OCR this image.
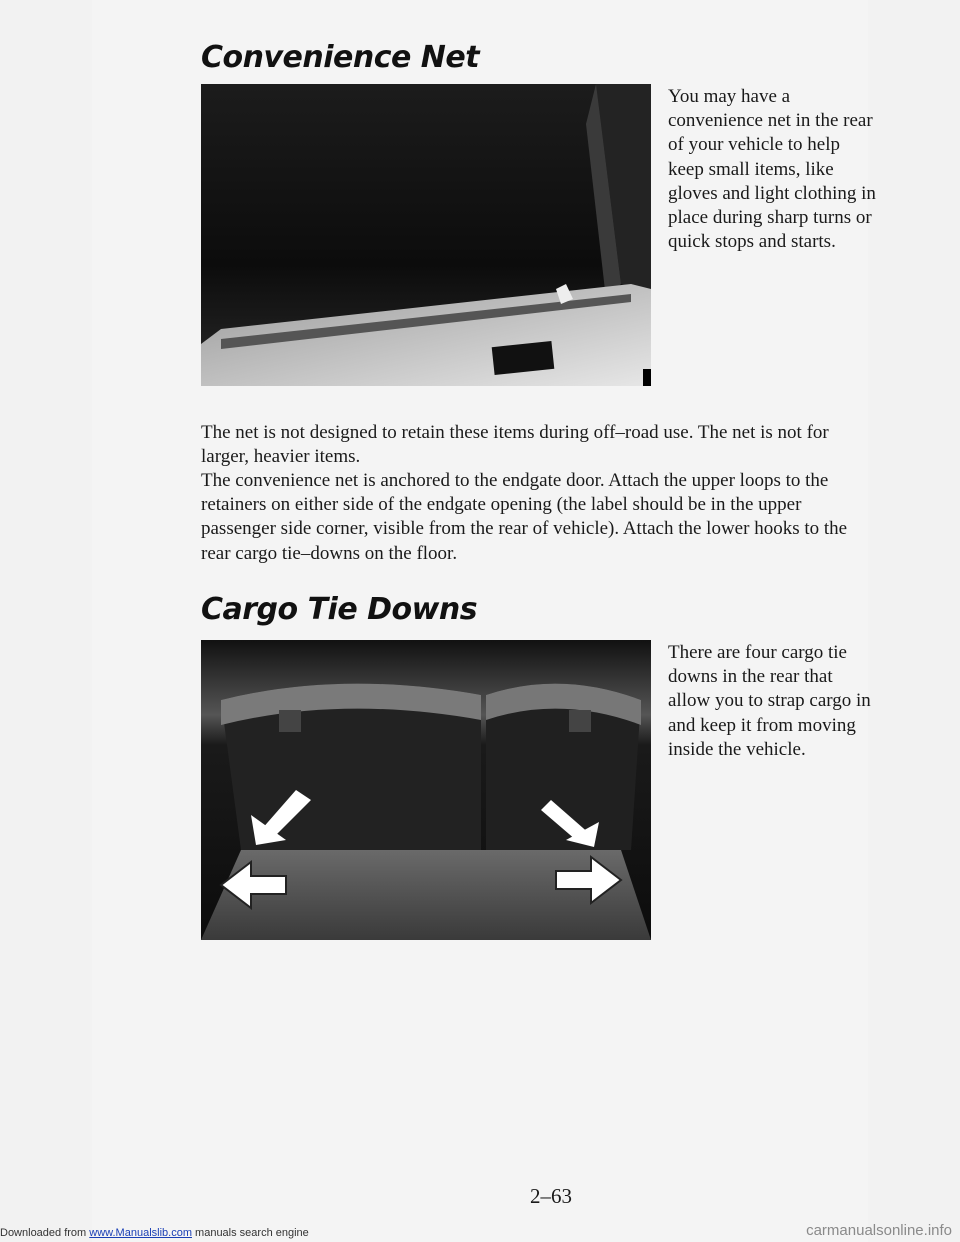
Convenience Net
You may have a convenience net in the rear of your vehicle to help keep small items, like gloves and light clothing in place during sharp turns or quick stops and starts.

The net is not designed to retain these items during off–road use. The net is not for larger, heavier items.

The convenience net is anchored to the endgate door. Attach the upper loops to the retainers on either side of the endgate opening (the label should be in the upper passenger side corner, visible from the rear of vehicle). Attach the lower hooks to the rear cargo tie–downs on the floor.

Cargo Tie Downs
There are four cargo tie downs in the rear that allow you to strap cargo in and keep it from moving inside the vehicle.
2–63
Downloaded from www.Manualslib.com manuals search engine	carmanualsonline.info
